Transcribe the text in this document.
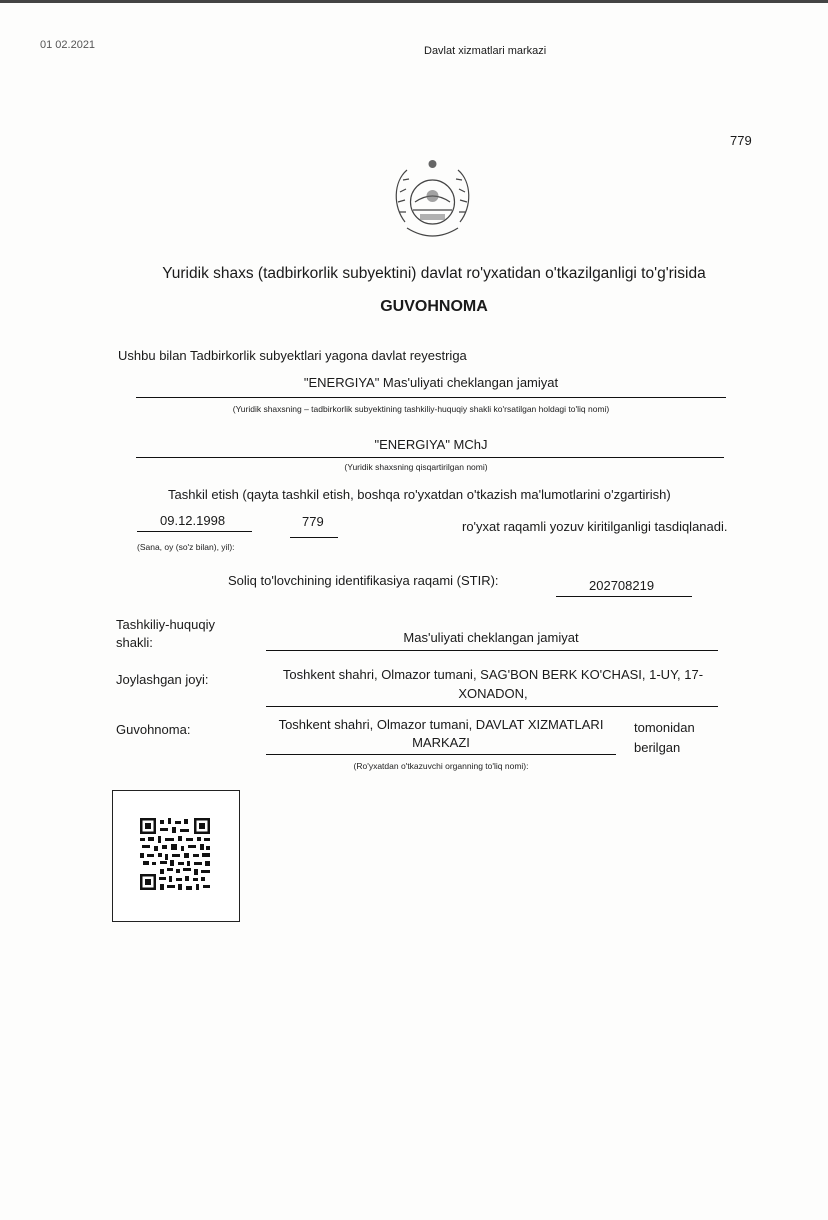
01 02.2021	Davlat xizmatlari markazi
779
Yuridik shaxs (tadbirkorlik subyektini) davlat ro'yxatidan o'tkazilganligi to'g'risida
GUVOHNOMA
Ushbu bilan Tadbirkorlik subyektlari yagona davlat reyestriga
"ENERGIYA" Mas'uliyati cheklangan jamiyat
(Yuridik shaxsning – tadbirkorlik subyektining tashkiliy-huquqiy shakli ko'rsatilgan holdagi to'liq nomi)
"ENERGIYA" MChJ
(Yuridik shaxsning qisqartirilgan nomi)
Tashkil etish (qayta tashkil etish, boshqa ro'yxatdan o'tkazish ma'lumotlarini o'zgartirish)
09.12.1998	779	ro'yxat raqamli yozuv kiritilganligi tasdiqlanadi.
(Sana, oy (so'z bilan), yil):
Soliq to'lovchining identifikasiya raqami (STIR):	202708219
Tashkiliy-huquqiy
shakli:	Mas'uliyati cheklangan jamiyat
Joylashgan joyi:	Toshkent shahri, Olmazor tumani, SAG'BON BERK KO'CHASI, 1-UY, 17-
XONADON,
Guvohnoma:	Toshkent shahri, Olmazor tumani, DAVLAT XIZMATLARI
MARKAZI
tomonidan
berilgan
(Ro'yxatdan o'tkazuvchi organning to'liq nomi):
